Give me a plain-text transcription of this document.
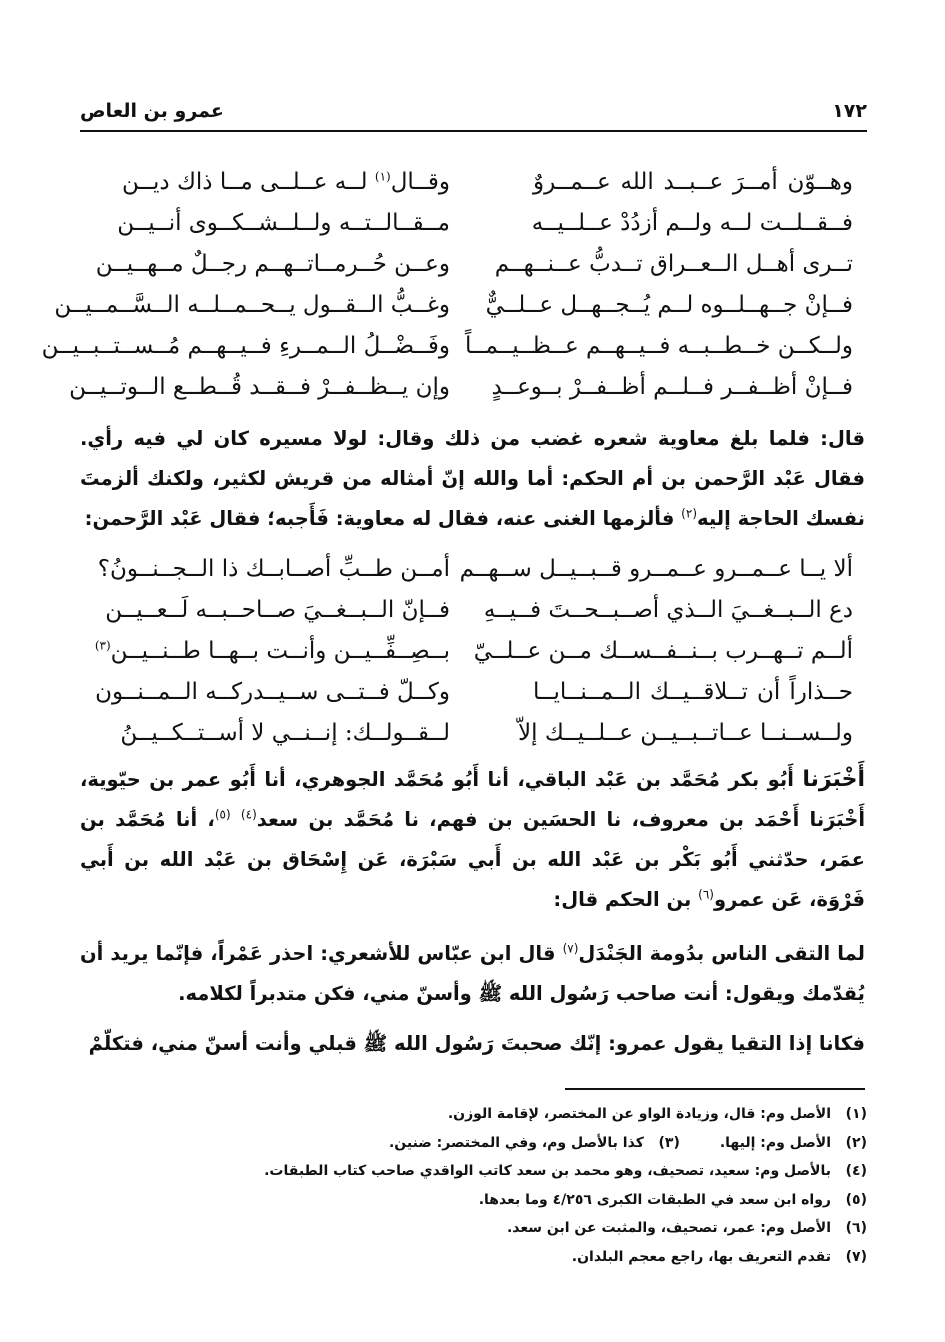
١٧٢
عمرو بن العاص
وهــوّن أمــرَ عــبــد الله عــمــروٌ
وقــال$^{(١)}$ لــه عــلــى مــا ذاك ديــن
فــقــلــت لــه ولــم أزدُدْ عــلــيــه
مــقــالــتــه ولــلــشــكــوى أنــيــن
تــرى أهــل الــعــراق تــدبُّ عــنــهــم
وعــن حُــرمــاتــهــم رجــلٌ مــهــيــن
فــإنْ جــهــلــوه لــم يُــجــهــل عــلــيٌّ
وغــبُّ الــقــول يــحــمــلــه الــسَّــمــيــن
ولــكــن خــطــبــه فــيــهــم عــظــيــمــاً
وفَــضْــلُ الــمــرءِ فــيــهــم مُــســتــبــيــن
فــإنْ أظــفــر فــلــم أظــفــرْ بــوعــدٍ
وإن يــظــفــرْ فــقــد قُــطــع الــوتــيــن
قال: فلما بلغ معاوية شعره غضب من ذلك وقال: لولا مسيره كان لي فيه رأي. فقال عَبْد الرَّحمن بن أم الحكم: أما والله إنّ أمثاله من قريش لكثير، ولكنك ألزمتَ نفسك الحاجة إليه$^{(٢)}$ فألزمها الغنى عنه، فقال له معاوية: فَأَجبه؛ فقال عَبْد الرَّحمن:
ألا يــا عــمــرو عــمــرو قــبــيــل ســهــم
أمــن طــبِّ أصــابــك ذا الــجــنــونُ؟
دع الــبــغــيَ الــذي أصــبــحــتَ فــيــهِ
فــإنّ الــبــغــيَ صــاحــبــه لَــعــيــن
ألــم تــهــرب بــنــفــســك مــن عــلــيّ
بــصِــفِّــيــن وأنــت بــهــا طــنــيــن$^{(٣)}$
حــذاراً أن تــلاقــيــك الــمــنــايــا
وكــلّ فــتــى ســيــدركــه الــمــنــون
ولــســنــا عــاتــبــيــن عــلــيــك إلاّ
لــقــولــك: إنــنــي لا أســتــكــيــنُ
أَخْبَرَنا أَبُو بكر مُحَمَّد بن عَبْد الباقي، أنا أَبُو مُحَمَّد الجوهري، أنا أَبُو عمر بن حيّوية، أَخْبَرَنا أَحْمَد بن معروف، نا الحسَين بن فهم، نا مُحَمَّد بن سعد$^{(٤)}$ $^{(٥)}$، أنا مُحَمَّد بن عمَر، حدّثني أَبُو بَكْر بن عَبْد الله بن أَبي سَبْرَة، عَن إِسْحَاق بن عَبْد الله بن أَبي فَرْوَة، عَن عمرو$^{(٦)}$ بن الحكم قال:
لما التقى الناس بدُومة الجَنْدَل$^{(٧)}$ قال ابن عبّاس للأشعري: احذر عَمْراً، فإنّما يريد أن يُقدّمك ويقول: أنت صاحب رَسُول الله ﷺ وأسنّ مني، فكن متدبراً لكلامه.
فكانا إذا التقيا يقول عمرو: إنّك صحبتَ رَسُول الله ﷺ قبلي وأنت أسنّ مني، فتكلّمْ
(١)الأصل وم: قال، وزيادة الواو عن المختصر، لإقامة الوزن.
(٢)الأصل وم: إليها.(٣)كذا بالأصل وم، وفي المختصر: ضنين.
(٤)بالأصل وم: سعيد، تصحيف، وهو محمد بن سعد كاتب الواقدي صاحب كتاب الطبقات.
(٥)رواه ابن سعد في الطبقات الكبرى ٤/٢٥٦ وما بعدها.
(٦)الأصل وم: عمر، تصحيف، والمثبت عن ابن سعد.
(٧)تقدم التعريف بها، راجع معجم البلدان.
